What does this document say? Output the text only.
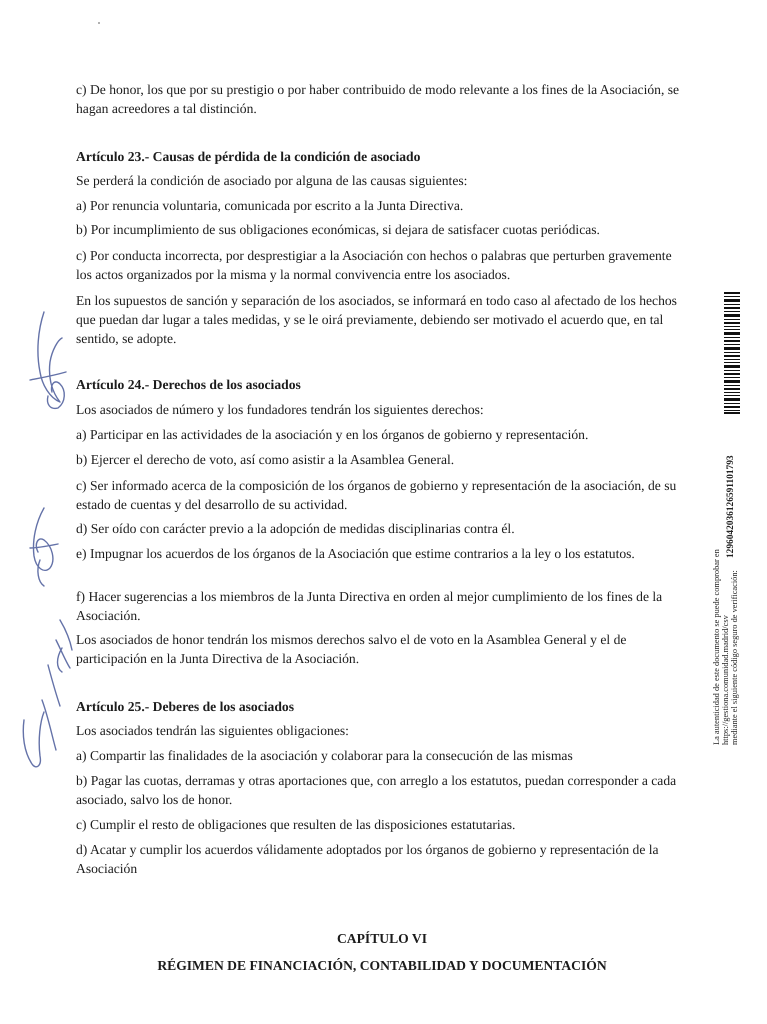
c) De honor, los que por su prestigio o por haber contribuido de modo relevante a los fines de la Asociación, se hagan acreedores a tal distinción.

Artículo 23.- Causas de pérdida de la condición de asociado

Se perderá la condición de asociado por alguna de las causas siguientes:

a) Por renuncia voluntaria, comunicada por escrito a la Junta Directiva.

b) Por incumplimiento de sus obligaciones económicas, si dejara de satisfacer cuotas periódicas.

c) Por conducta incorrecta, por desprestigiar a la Asociación con hechos o palabras que perturben gravemente los actos organizados por la misma y la normal convivencia entre los asociados.

En los supuestos de sanción y separación de los asociados, se informará en todo caso al afectado de los hechos que puedan dar lugar a tales medidas, y se le oirá previamente, debiendo ser motivado el acuerdo que, en tal sentido, se adopte.

Artículo 24.- Derechos de los asociados

Los asociados de número y los fundadores tendrán los siguientes derechos:

a) Participar en las actividades de la asociación y en los órganos de gobierno y representación.

b) Ejercer el derecho de voto, así como asistir a la Asamblea General.

c) Ser informado acerca de la composición de los órganos de gobierno y representación de la asociación, de su estado de cuentas y del desarrollo de su actividad.

d) Ser oído con carácter previo a la adopción de medidas disciplinarias contra él.

e) Impugnar los acuerdos de los órganos de la Asociación que estime contrarios a la ley o los estatutos.

f) Hacer sugerencias a los miembros de la Junta Directiva en orden al mejor cumplimiento de los fines de la Asociación.

Los asociados de honor tendrán los mismos derechos salvo el de voto en la Asamblea General y el de participación en la Junta Directiva de la Asociación.

Artículo 25.- Deberes de los asociados

Los asociados tendrán las siguientes obligaciones:

a) Compartir las finalidades de la asociación y colaborar para la consecución de las mismas

b) Pagar las cuotas, derramas y otras aportaciones que, con arreglo a los estatutos, puedan corresponder a cada asociado, salvo los de honor.

c) Cumplir el resto de obligaciones que resulten de las disposiciones estatutarias.

d) Acatar y cumplir los acuerdos válidamente adoptados por los órganos de gobierno y representación de la Asociación

CAPÍTULO VI

RÉGIMEN DE FINANCIACIÓN, CONTABILIDAD Y DOCUMENTACIÓN

1296042036126591101793
La autenticidad de este documento se puede comprobar en https://gestiona.comunidad.madrid/csv mediante el siguiente código seguro de verificación:
